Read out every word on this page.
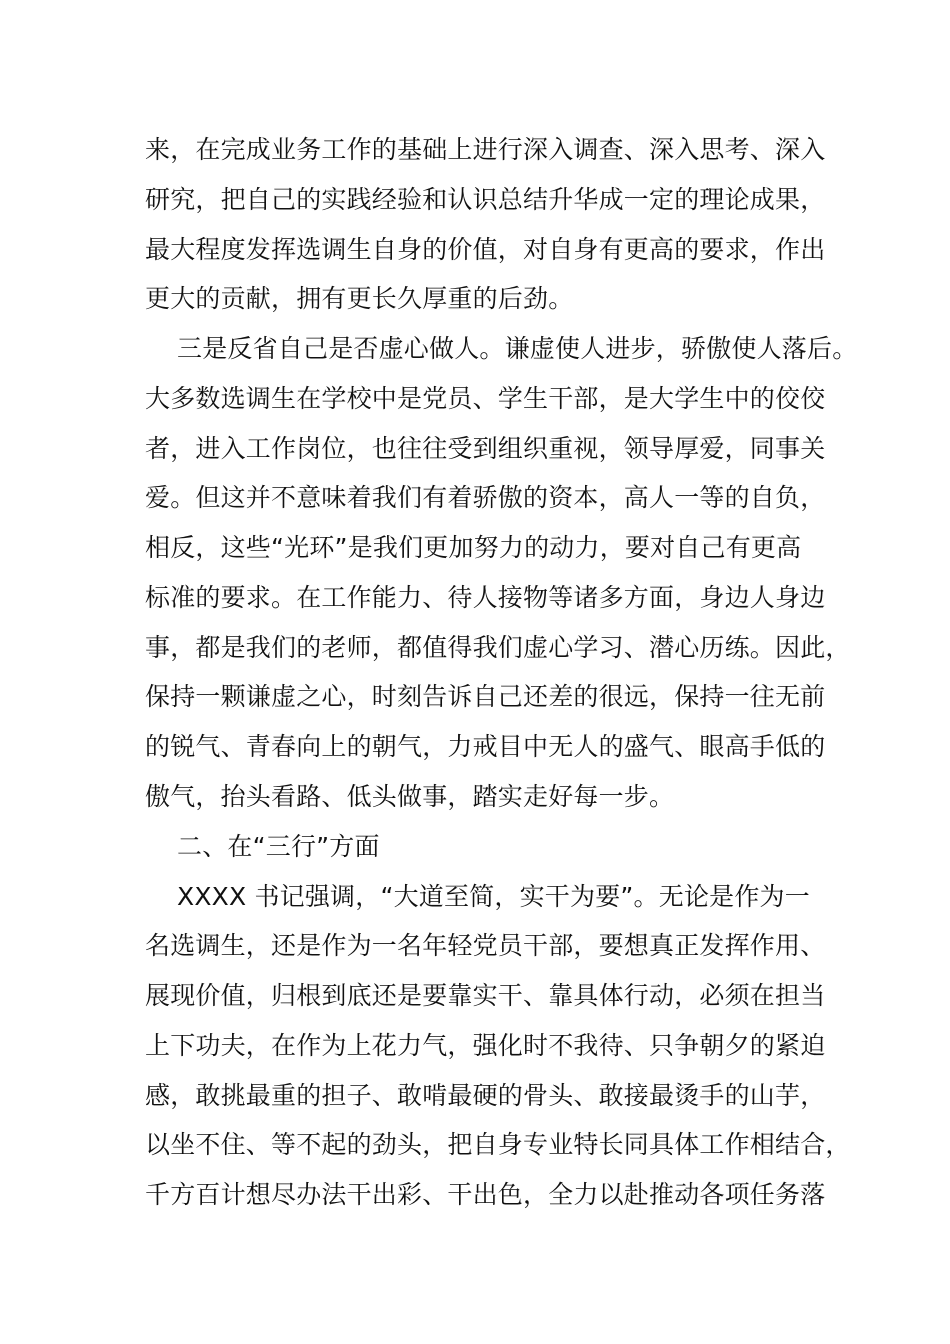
来，在完成业务工作的基础上进行深入调查、深入思考、深入
研究，把自己的实践经验和认识总结升华成一定的理论成果，
最大程度发挥选调生自身的价值，对自身有更高的要求，作出
更大的贡献，拥有更长久厚重的后劲。
三是反省自己是否虚心做人。谦虚使人进步，骄傲使人落后。
大多数选调生在学校中是党员、学生干部，是大学生中的佼佼
者，进入工作岗位，也往往受到组织重视，领导厚爱，同事关
爱。但这并不意味着我们有着骄傲的资本，高人一等的自负，
相反，这些“光环”是我们更加努力的动力，要对自己有更高
标准的要求。在工作能力、待人接物等诸多方面，身边人身边
事，都是我们的老师，都值得我们虚心学习、潜心历练。因此，
保持一颗谦虚之心，时刻告诉自己还差的很远，保持一往无前
的锐气、青春向上的朝气，力戒目中无人的盛气、眼高手低的
傲气，抬头看路、低头做事，踏实走好每一步。
二、在“三行”方面
XXXX 书记强调，“大道至简，实干为要”。无论是作为一
名选调生，还是作为一名年轻党员干部，要想真正发挥作用、
展现价值，归根到底还是要靠实干、靠具体行动，必须在担当
上下功夫，在作为上花力气，强化时不我待、只争朝夕的紧迫
感，敢挑最重的担子、敢啃最硬的骨头、敢接最烫手的山芋，
以坐不住、等不起的劲头，把自身专业特长同具体工作相结合，
千方百计想尽办法干出彩、干出色，全力以赴推动各项任务落
